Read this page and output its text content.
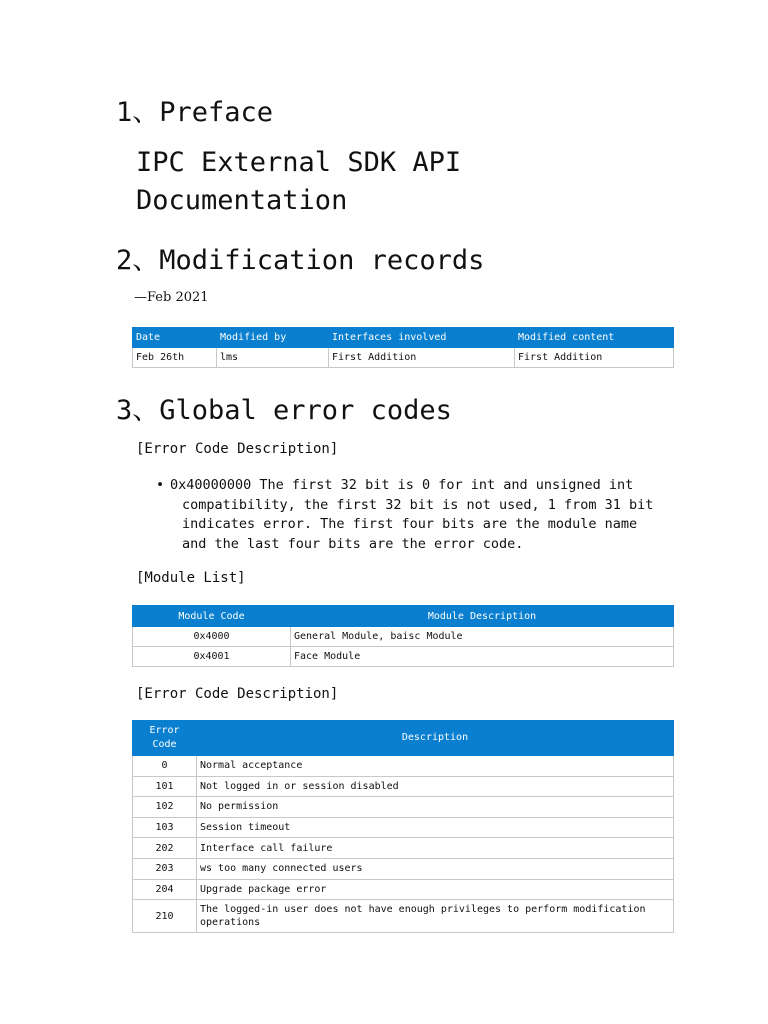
1、Preface
IPC External SDK API
Documentation
2、Modification records
—Feb 2021
Date	Modified by	Interfaces involved	Modified content
Feb 26th	lms	First Addition	First Addition
3、Global error codes
[Error Code Description]
• 0x40000000 The first 32 bit is 0 for int and unsigned int compatibility, the first 32 bit is not used, 1 from 31 bit indicates error. The first four bits are the module name and the last four bits are the error code.
[Module List]
Module Code	Module Description
0x4000	General Module, baisc Module
0x4001	Face Module
[Error Code Description]
Error Code	Description
0	Normal acceptance
101	Not logged in or session disabled
102	No permission
103	Session timeout
202	Interface call failure
203	ws too many connected users
204	Upgrade package error
210	The logged-in user does not have enough privileges to perform modification operations
